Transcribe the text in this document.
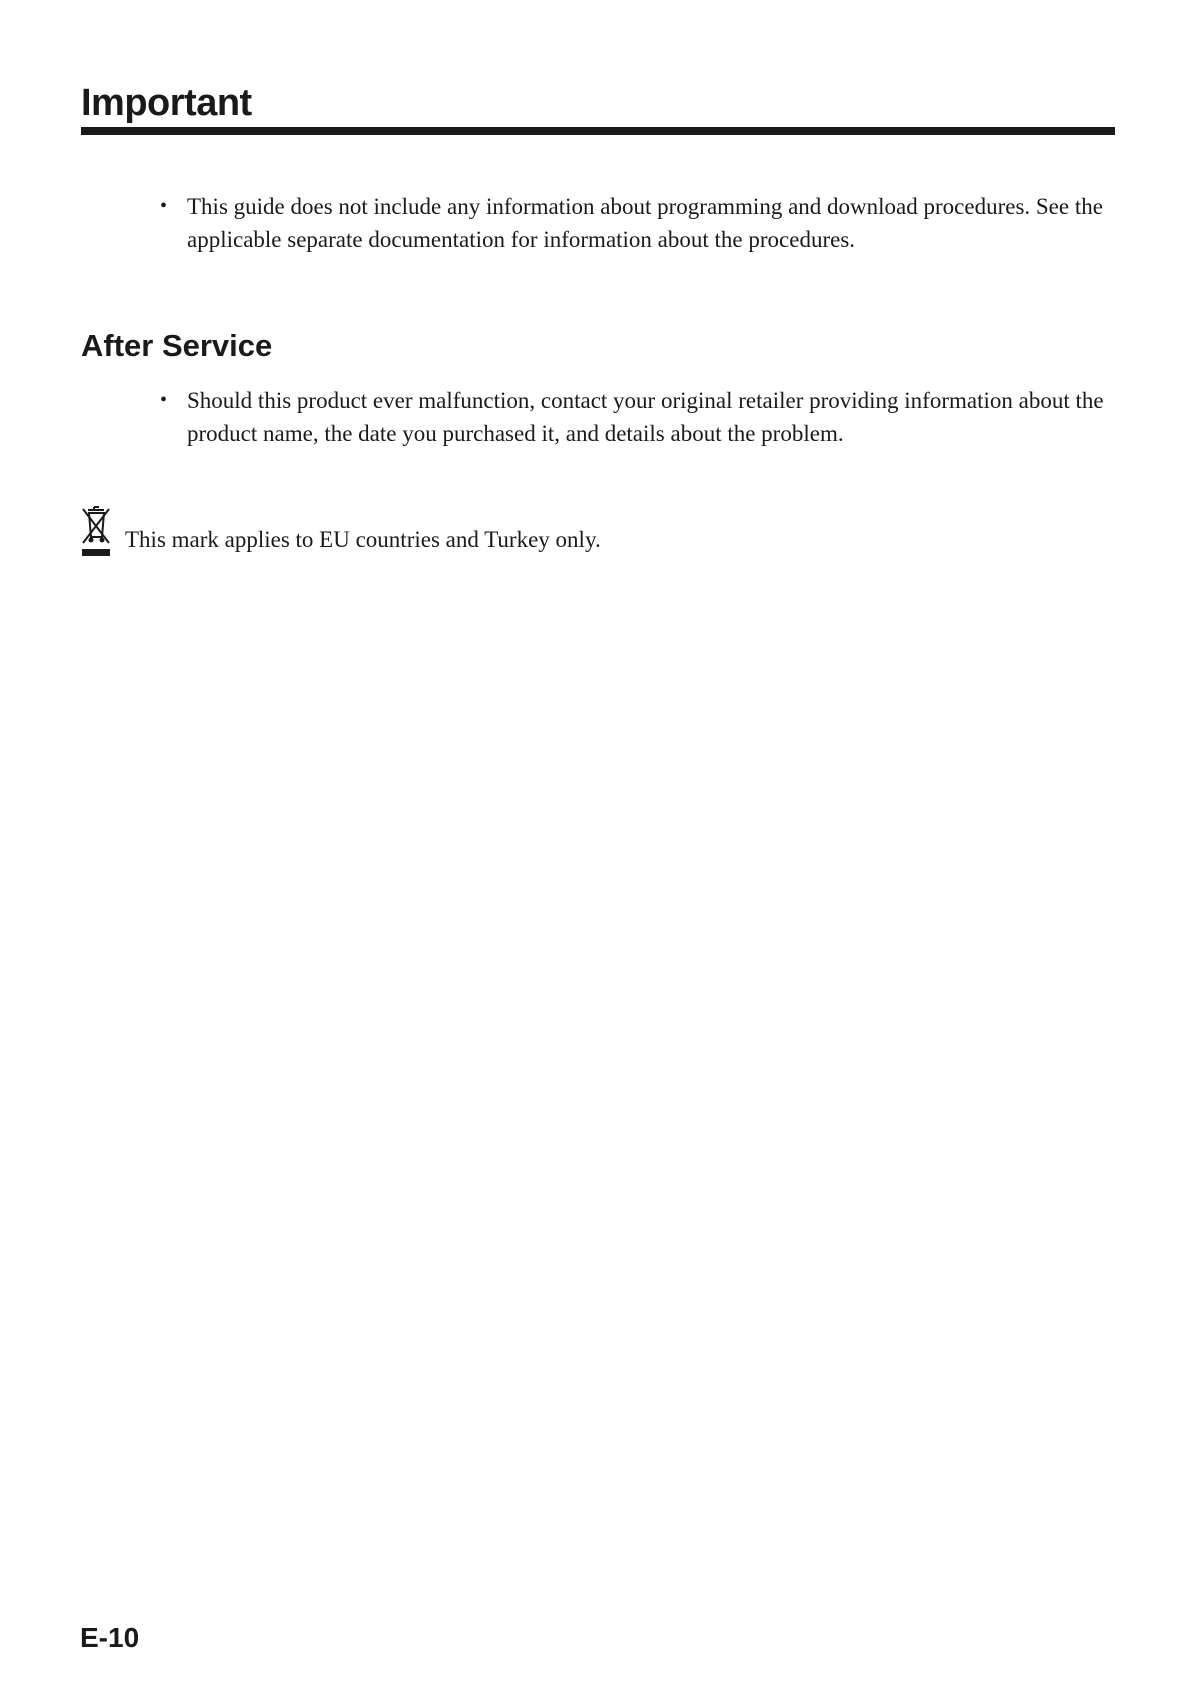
Important
• This guide does not include any information about programming and download procedures. See the applicable separate documentation for information about the procedures.
After Service
• Should this product ever malfunction, contact your original retailer providing information about the product name, the date you purchased it, and details about the problem.
This mark applies to EU countries and Turkey only.
E-10
